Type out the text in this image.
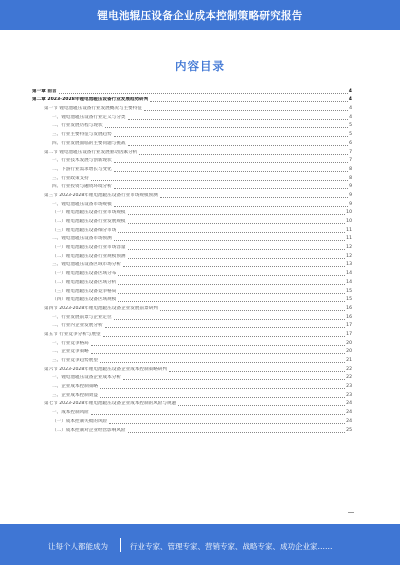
锂电池辊压设备企业成本控制策略研究报告
内容目录
第一章 前言	4
第二章 2023-2028年锂电池辊压设备行业发展趋势研判	4
第一节 锂电池辊压设备行业发展概况与主要特征	4
一、锂电池辊压设备行业定义与分类	4
二、行业发展历程与现状	5
三、行业主要特征与发展趋势	5
四、行业发展面临的主要问题与挑战	6
第二节 锂电池辊压设备行业发展驱动因素分析	7
一、行业技术发展与创新现状	7
二、下游行业需求增长与变化	8
三、行业政策支持	8
四、行业投资与融资环境分析	9
第三节 2023-2028年锂电池辊压设备行业市场规模预测	9
一、锂电池辊压设备市场规模	9
（一）锂电池辊压设备行业市场规模	10
（二）锂电池辊压设备行业发展规模	10
（三）锂电池辊压设备细分市场	11
二、锂电池辊压设备市场预测	11
（一）锂电池辊压设备行业市场容量	12
（二）锂电池辊压设备行业规模预测	12
三、锂电池辊压设备区域市场分析	13
（一）锂电池辊压设备区域分布	14
（二）锂电池辊压设备区域分析	14
（三）锂电池辊压设备竞争格局	15
（四）锂电池辊压设备区域规模	15
第四节 2023-2028年锂电池辊压设备企业发展前景研判	16
一、行业发展前景与企业定位	16
二、行业内企业发展分析	17
第五节 行业竞争分析与展望	17
一、行业竞争格局	20
二、企业竞争策略	20
三、行业竞争趋势展望	21
第六节 2023-2028年锂电池辊压设备企业成本控制策略研判	22
一、锂电池辊压设备企业成本分析	22
二、企业成本控制策略	23
三、企业成本控制效益	23
第七节 2023-2028年锂电池辊压设备企业成本控制的风险与规避	24
一、成本控制风险	24
（一）成本控制失败的风险	24
（二）成本控制对企业经营影响风险	25
让每个人都能成为	行业专家、管理专家、营销专家、战略专家、成功企业家……
